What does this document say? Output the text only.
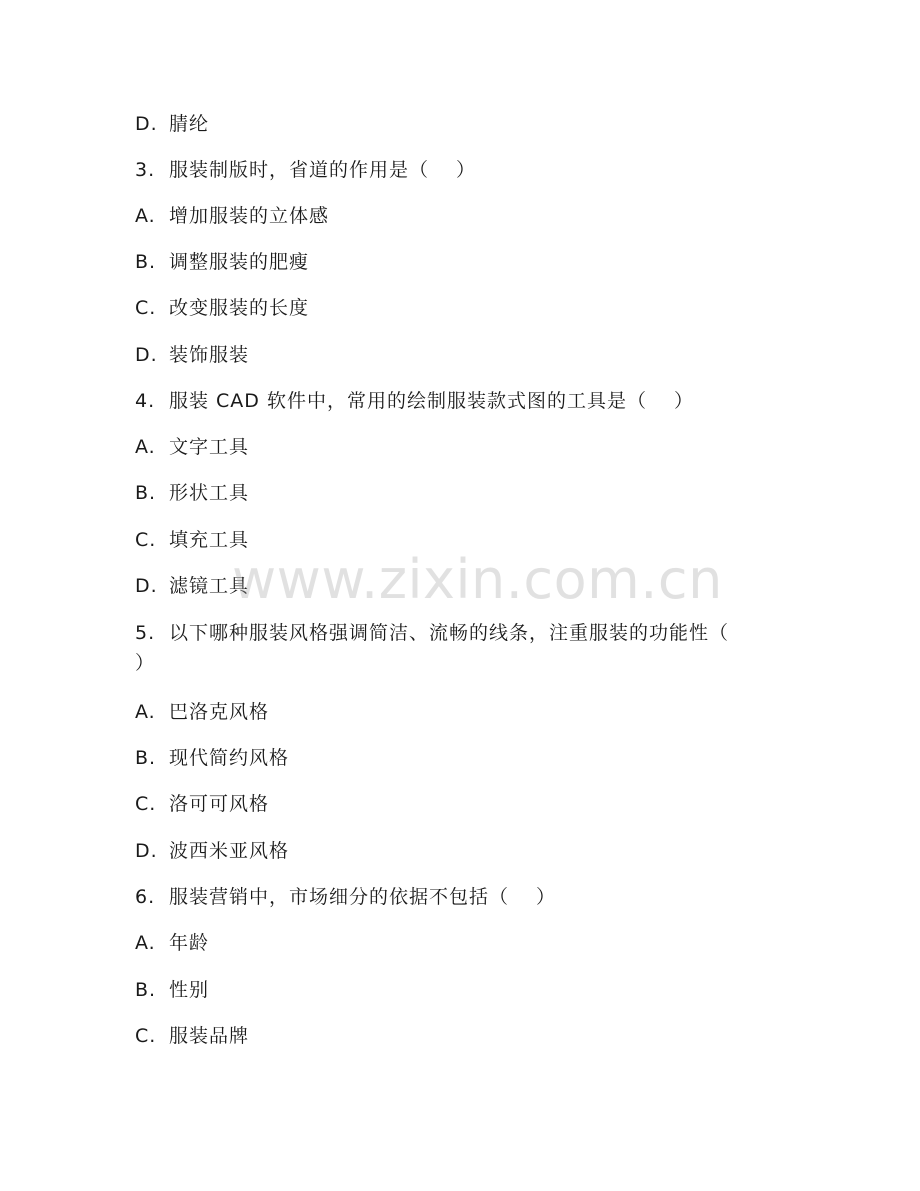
D. 腈纶
3. 服装制版时，省道的作用是（　 ）
A. 增加服装的立体感
B. 调整服装的肥瘦
C. 改变服装的长度
D. 装饰服装
4. 服装 CAD 软件中，常用的绘制服装款式图的工具是（　 ）
A. 文字工具
B. 形状工具
C. 填充工具
D. 滤镜工具
5. 以下哪种服装风格强调简洁、流畅的线条，注重服装的功能性（
）
A. 巴洛克风格
B. 现代简约风格
C. 洛可可风格
D. 波西米亚风格
6. 服装营销中，市场细分的依据不包括（　 ）
A. 年龄
B. 性别
C. 服装品牌
www.zixin.com.cn
